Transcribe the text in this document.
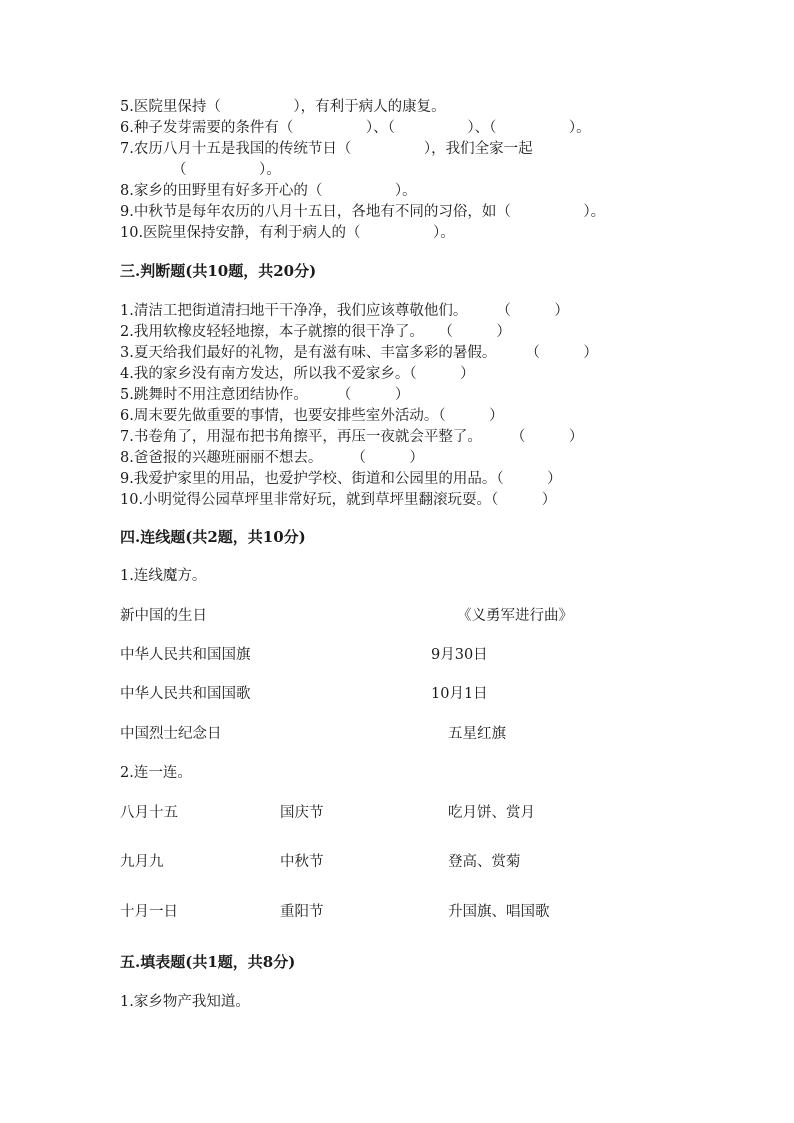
5.医院里保持（　　　　　），有利于病人的康复。
6.种子发芽需要的条件有（　　　　　）、（　　　　　）、（　　　　　）。
7.农历八月十五是我国的传统节日（　　　　　），我们全家一起
（　　　　　）。
8.家乡的田野里有好多开心的（　　　　　）。
9.中秋节是每年农历的八月十五日，各地有不同的习俗，如（　　　　　）。
10.医院里保持安静，有利于病人的（　　　　　）。
三.判断题(共10题，共20分)
1.清洁工把街道清扫地干干净净，我们应该尊敬他们。　　　（　　　）
2.我用软橡皮轻轻地擦，本子就擦的很干净了。　　（　　　）
3.夏天给我们最好的礼物，是有滋有味、丰富多彩的暑假。　　　（　　　）
4.我的家乡没有南方发达，所以我不爱家乡。（　　　）
5.跳舞时不用注意团结协作。　　　（　　　）
6.周末要先做重要的事情，也要安排些室外活动。（　　　）
7.书卷角了，用湿布把书角擦平，再压一夜就会平整了。　　　（　　　）
8.爸爸报的兴趣班丽丽不想去。　　　（　　　）
9.我爱护家里的用品，也爱护学校、街道和公园里的用品。（　　　）
10.小明觉得公园草坪里非常好玩，就到草坪里翻滚玩耍。（　　　）
四.连线题(共2题，共10分)
1.连线魔方。
新中国的生日	《义勇军进行曲》
中华人民共和国国旗	9月30日
中华人民共和国国歌	10月1日
中国烈士纪念日	五星红旗
2.连一连。
八月十五	国庆节	吃月饼、赏月
九月九	中秋节	登高、赏菊
十月一日	重阳节	升国旗、唱国歌
五.填表题(共1题，共8分)
1.家乡物产我知道。
